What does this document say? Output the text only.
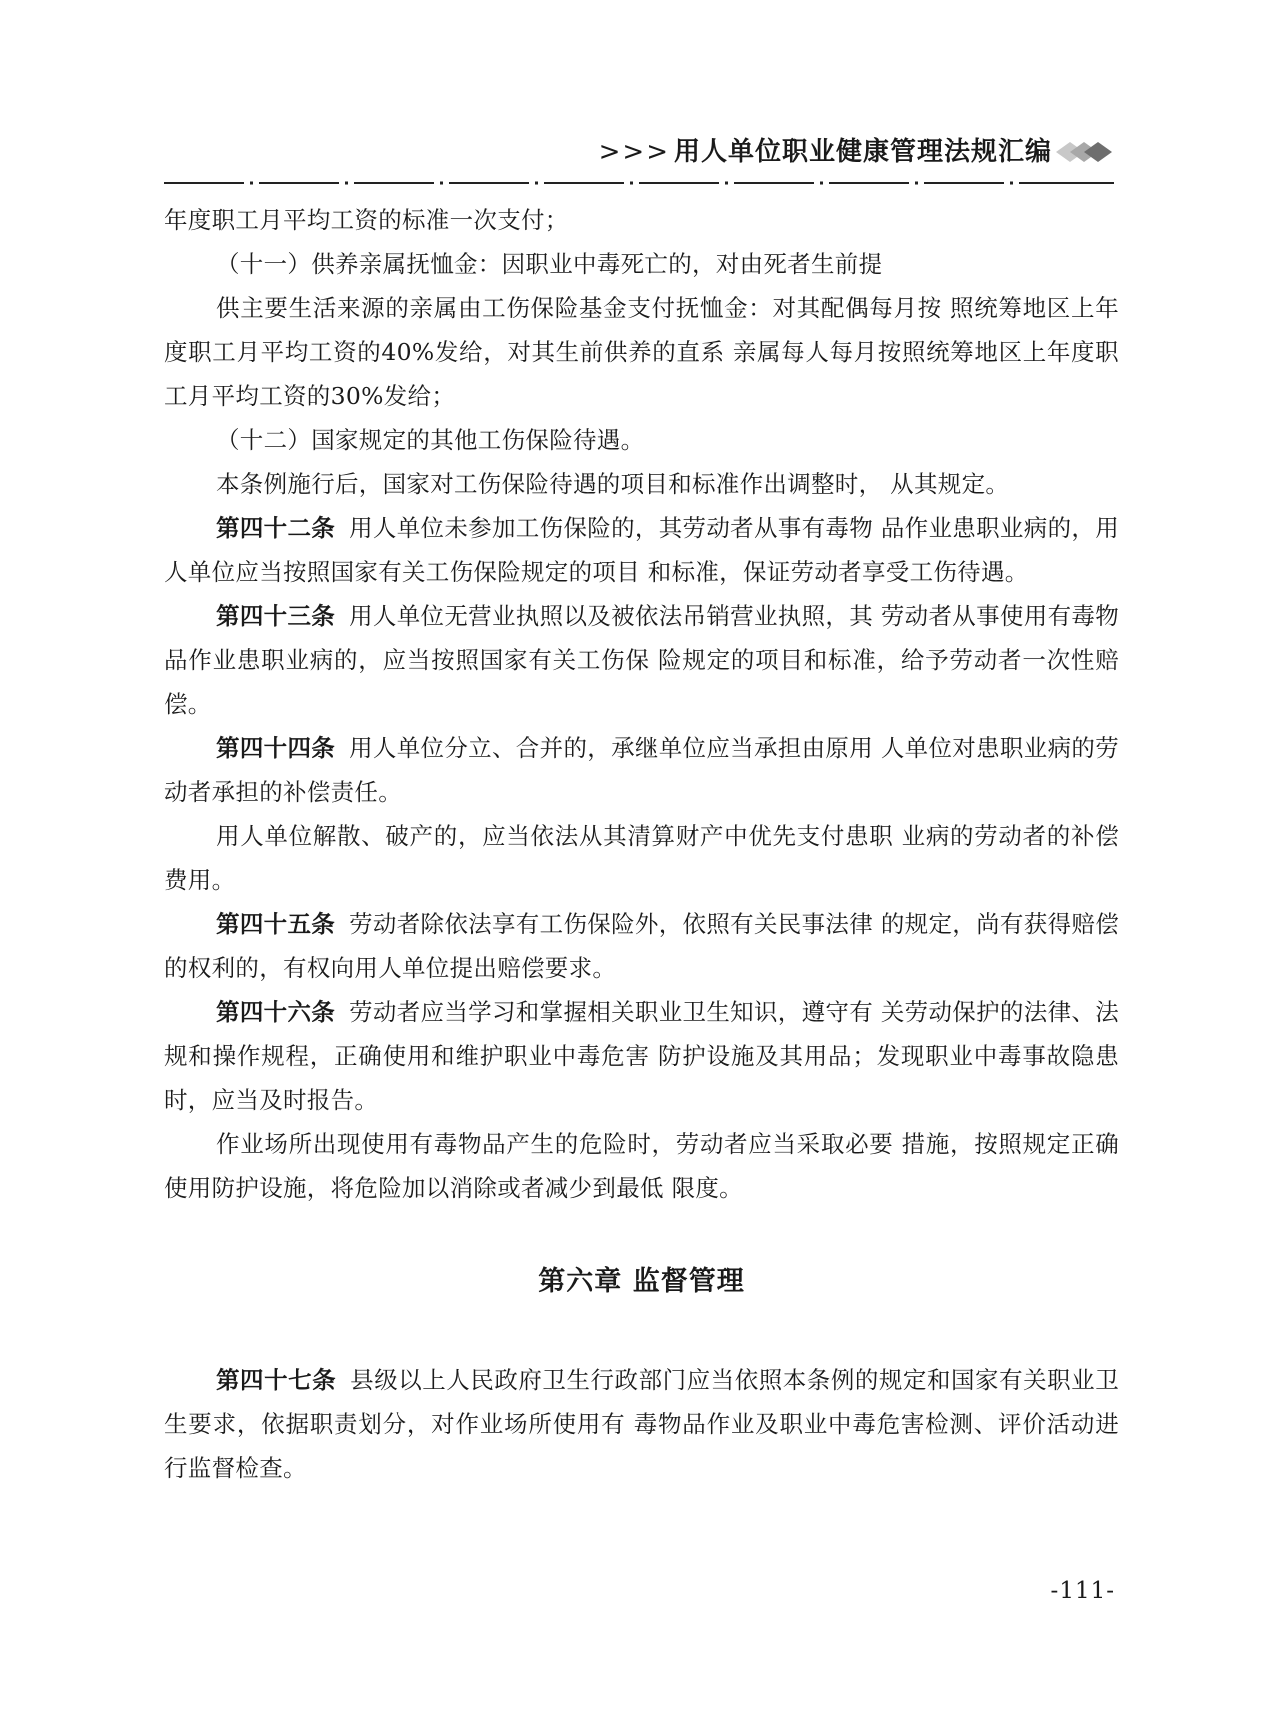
>>> 用人单位职业健康管理法规汇编

年度职工月平均工资的标准一次支付；

（十一）供养亲属抚恤金：因职业中毒死亡的，对由死者生前提

供主要生活来源的亲属由工伤保险基金支付抚恤金：对其配偶每月按 照统筹地区上年度职工月平均工资的40%发给，对其生前供养的直系 亲属每人每月按照统筹地区上年度职工月平均工资的30%发给；

（十二）国家规定的其他工伤保险待遇。

本条例施行后，国家对工伤保险待遇的项目和标准作出调整时， 从其规定。

第四十二条 用人单位未参加工伤保险的，其劳动者从事有毒物 品作业患职业病的，用人单位应当按照国家有关工伤保险规定的项目 和标准，保证劳动者享受工伤待遇。

第四十三条 用人单位无营业执照以及被依法吊销营业执照，其 劳动者从事使用有毒物品作业患职业病的，应当按照国家有关工伤保 险规定的项目和标准，给予劳动者一次性赔偿。

第四十四条 用人单位分立、合并的，承继单位应当承担由原用 人单位对患职业病的劳动者承担的补偿责任。

用人单位解散、破产的，应当依法从其清算财产中优先支付患职 业病的劳动者的补偿费用。

第四十五条 劳动者除依法享有工伤保险外，依照有关民事法律 的规定，尚有获得赔偿的权利的，有权向用人单位提出赔偿要求。

第四十六条 劳动者应当学习和掌握相关职业卫生知识，遵守有 关劳动保护的法律、法规和操作规程，正确使用和维护职业中毒危害 防护设施及其用品；发现职业中毒事故隐患时，应当及时报告。

作业场所出现使用有毒物品产生的危险时，劳动者应当采取必要 措施，按照规定正确使用防护设施，将危险加以消除或者减少到最低 限度。

第六章 监督管理

第四十七条 县级以上人民政府卫生行政部门应当依照本条例的规定和国家有关职业卫生要求，依据职责划分，对作业场所使用有 毒物品作业及职业中毒危害检测、评价活动进行监督检查。

-111-
